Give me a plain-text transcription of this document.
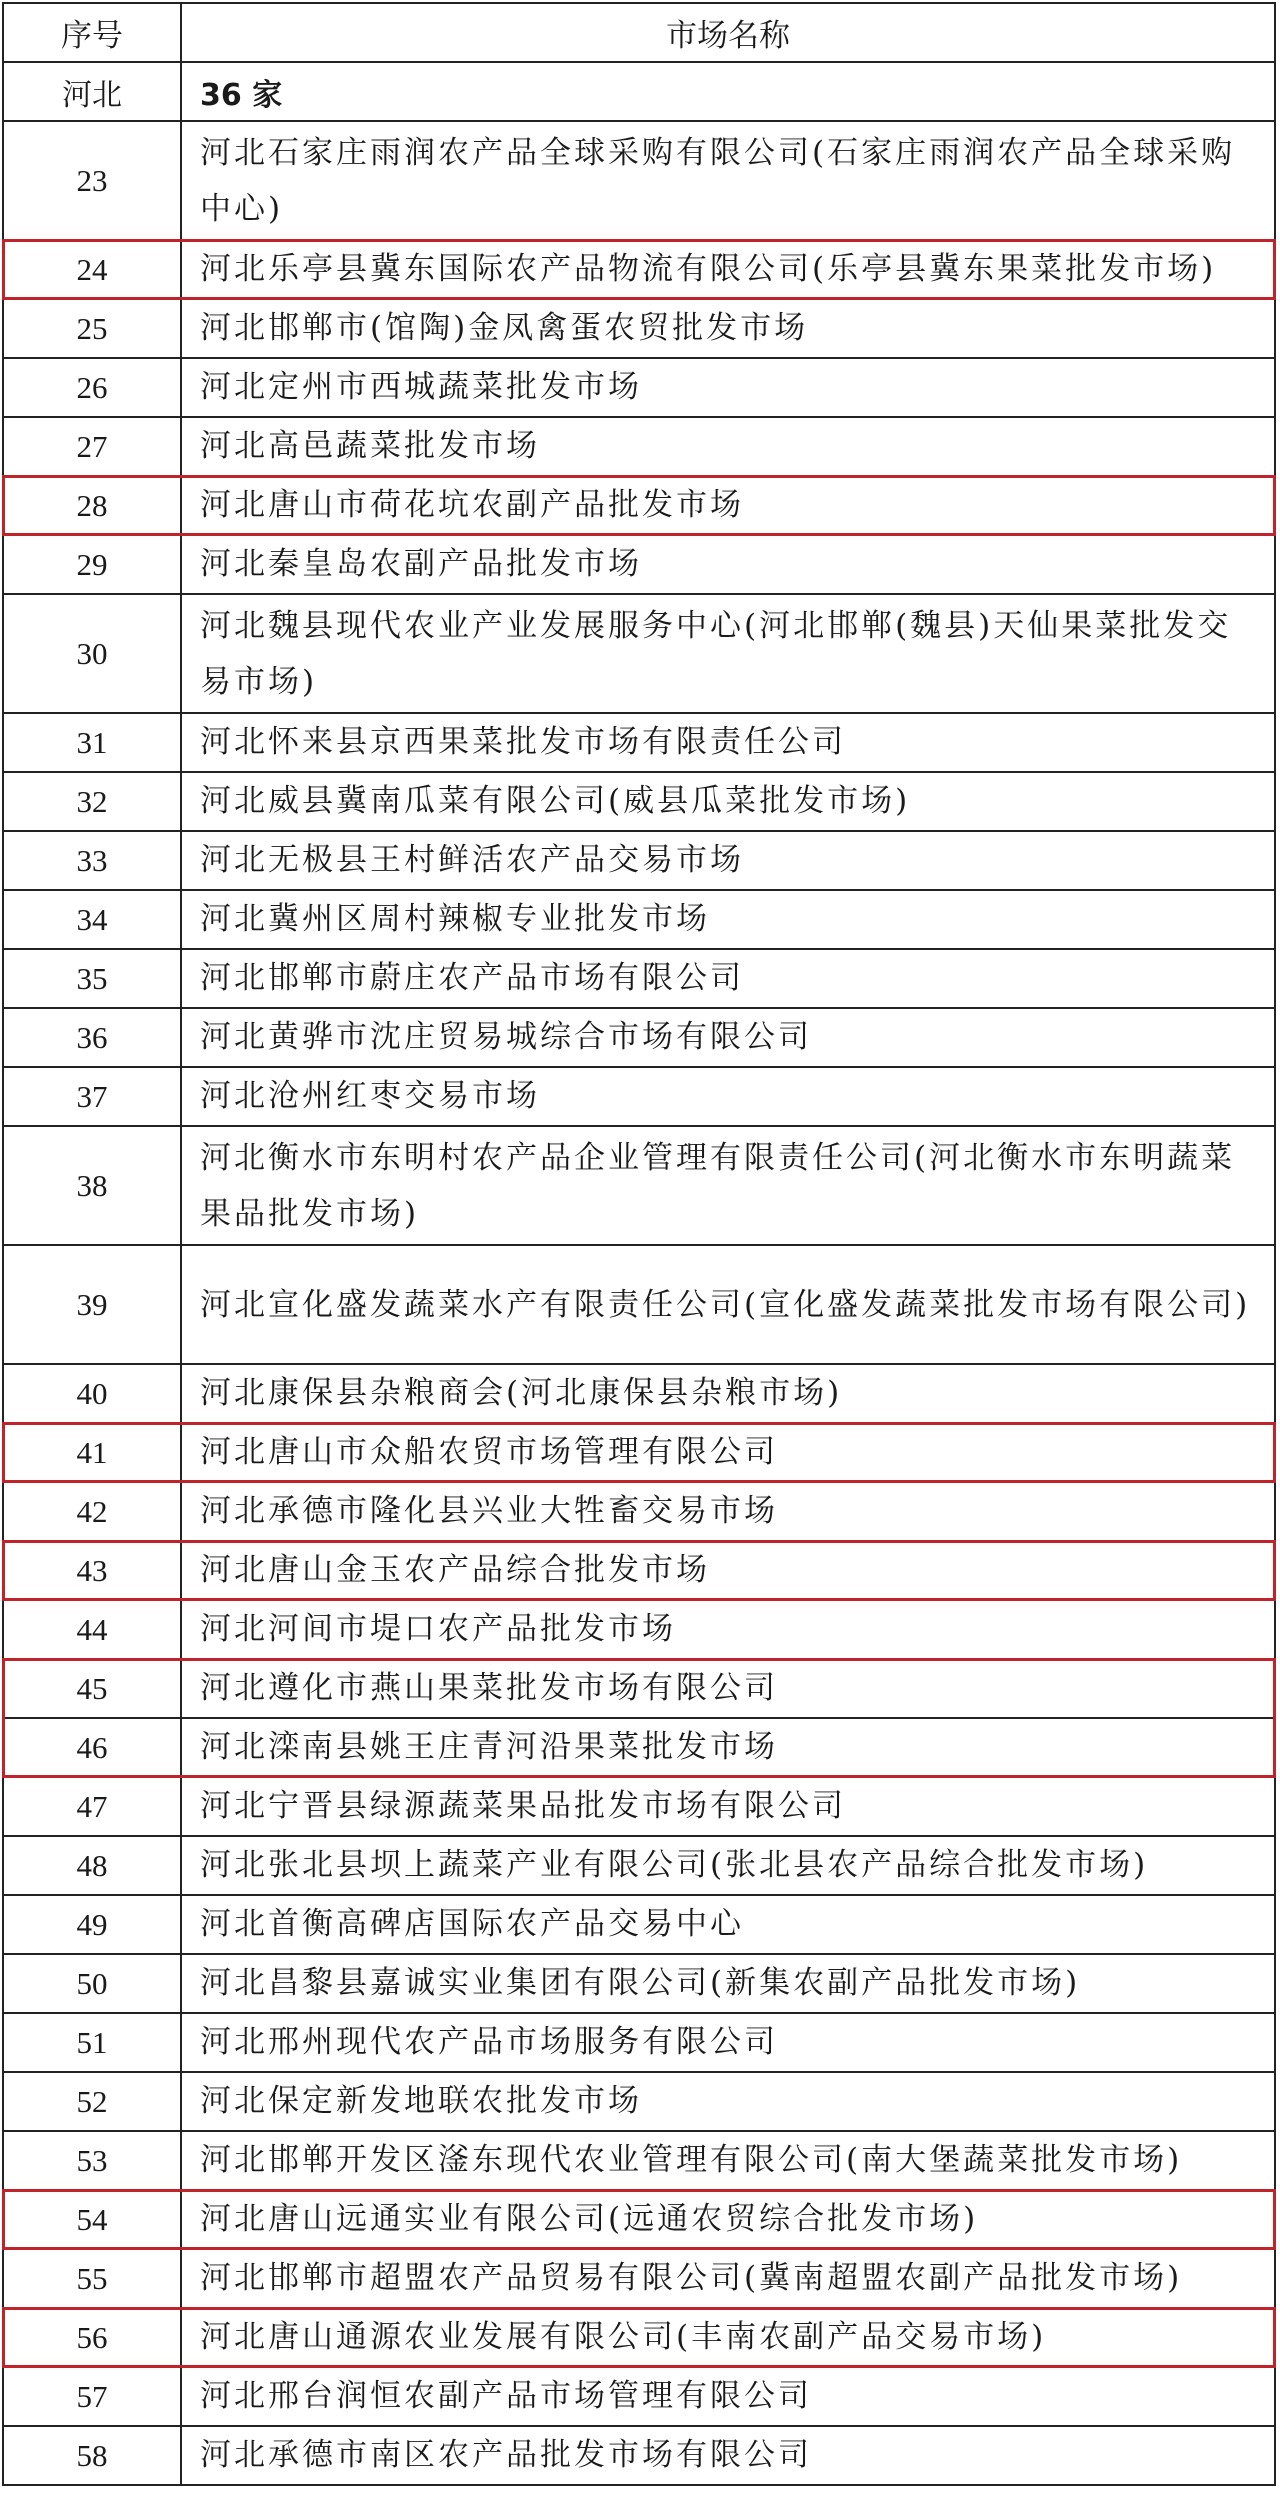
序号	市场名称
河北	36 家
23	河北石家庄雨润农产品全球采购有限公司(石家庄雨润农产品全球采购中心)

24	河北乐亭县冀东国际农产品物流有限公司(乐亭县冀东果菜批发市场)

25	河北邯郸市(馆陶)金凤禽蛋农贸批发市场

26	河北定州市西城蔬菜批发市场

27	河北高邑蔬菜批发市场

28	河北唐山市荷花坑农副产品批发市场

29	河北秦皇岛农副产品批发市场

30	河北魏县现代农业产业发展服务中心(河北邯郸(魏县)天仙果菜批发交易市场)

31	河北怀来县京西果菜批发市场有限责任公司

32	河北威县冀南瓜菜有限公司(威县瓜菜批发市场)

33	河北无极县王村鲜活农产品交易市场

34	河北冀州区周村辣椒专业批发市场

35	河北邯郸市蔚庄农产品市场有限公司

36	河北黄骅市沈庄贸易城综合市场有限公司

37	河北沧州红枣交易市场

38	河北衡水市东明村农产品企业管理有限责任公司(河北衡水市东明蔬菜果品批发市场)

39	河北宣化盛发蔬菜水产有限责任公司(宣化盛发蔬菜批发市场有限公司)

40	河北康保县杂粮商会(河北康保县杂粮市场)

41	河北唐山市众船农贸市场管理有限公司

42	河北承德市隆化县兴业大牲畜交易市场

43	河北唐山金玉农产品综合批发市场

44	河北河间市堤口农产品批发市场

45	河北遵化市燕山果菜批发市场有限公司

46	河北滦南县姚王庄青河沿果菜批发市场

47	河北宁晋县绿源蔬菜果品批发市场有限公司

48	河北张北县坝上蔬菜产业有限公司(张北县农产品综合批发市场)

49	河北首衡高碑店国际农产品交易中心

50	河北昌黎县嘉诚实业集团有限公司(新集农副产品批发市场)

51	河北邢州现代农产品市场服务有限公司

52	河北保定新发地联农批发市场

53	河北邯郸开发区滏东现代农业管理有限公司(南大堡蔬菜批发市场)

54	河北唐山远通实业有限公司(远通农贸综合批发市场)

55	河北邯郸市超盟农产品贸易有限公司(冀南超盟农副产品批发市场)

56	河北唐山通源农业发展有限公司(丰南农副产品交易市场)

57	河北邢台润恒农副产品市场管理有限公司

58	河北承德市南区农产品批发市场有限公司
